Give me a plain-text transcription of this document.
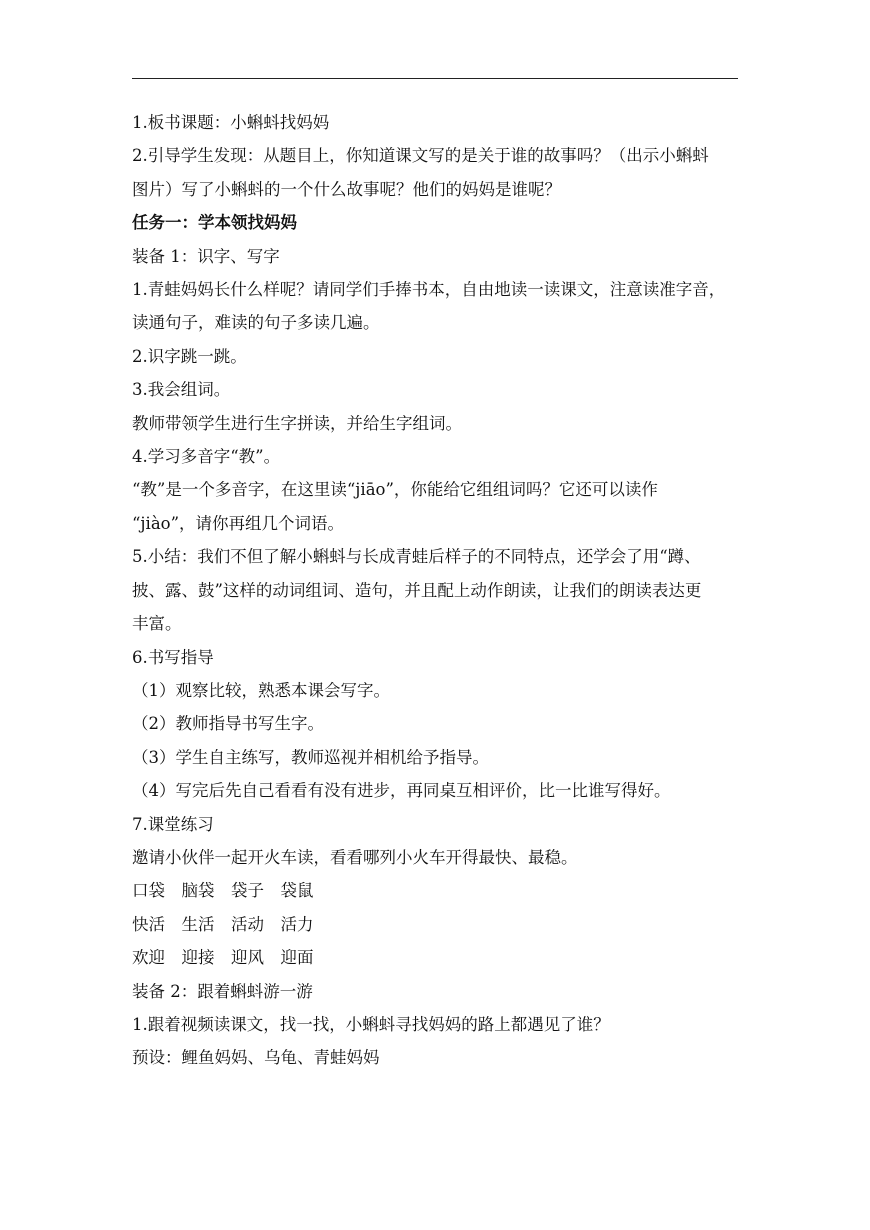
1.板书课题：小蝌蚪找妈妈

2.引导学生发现：从题目上，你知道课文写的是关于谁的故事吗？（出示小蝌蚪

图片）写了小蝌蚪的一个什么故事呢？他们的妈妈是谁呢？

任务一：学本领找妈妈

装备 1：识字、写字

1.青蛙妈妈长什么样呢？请同学们手捧书本，自由地读一读课文，注意读准字音，

读通句子，难读的句子多读几遍。

2.识字跳一跳。

3.我会组词。

教师带领学生进行生字拼读，并给生字组词。

4.学习多音字“教”。

“教”是一个多音字，在这里读“jiāo”，你能给它组组词吗？它还可以读作

“jiào”，请你再组几个词语。

5.小结：我们不但了解小蝌蚪与长成青蛙后样子的不同特点，还学会了用“蹲、

披、露、鼓”这样的动词组词、造句，并且配上动作朗读，让我们的朗读表达更

丰富。

6.书写指导

（1）观察比较，熟悉本课会写字。

（2）教师指导书写生字。

（3）学生自主练写，教师巡视并相机给予指导。

（4）写完后先自己看看有没有进步，再同桌互相评价，比一比谁写得好。

7.课堂练习

邀请小伙伴一起开火车读，看看哪列小火车开得最快、最稳。

口袋　脑袋　袋子　袋鼠

快活　生活　活动　活力

欢迎　迎接　迎风　迎面

装备 2：跟着蝌蚪游一游

1.跟着视频读课文，找一找，小蝌蚪寻找妈妈的路上都遇见了谁？

预设：鲤鱼妈妈、乌龟、青蛙妈妈
